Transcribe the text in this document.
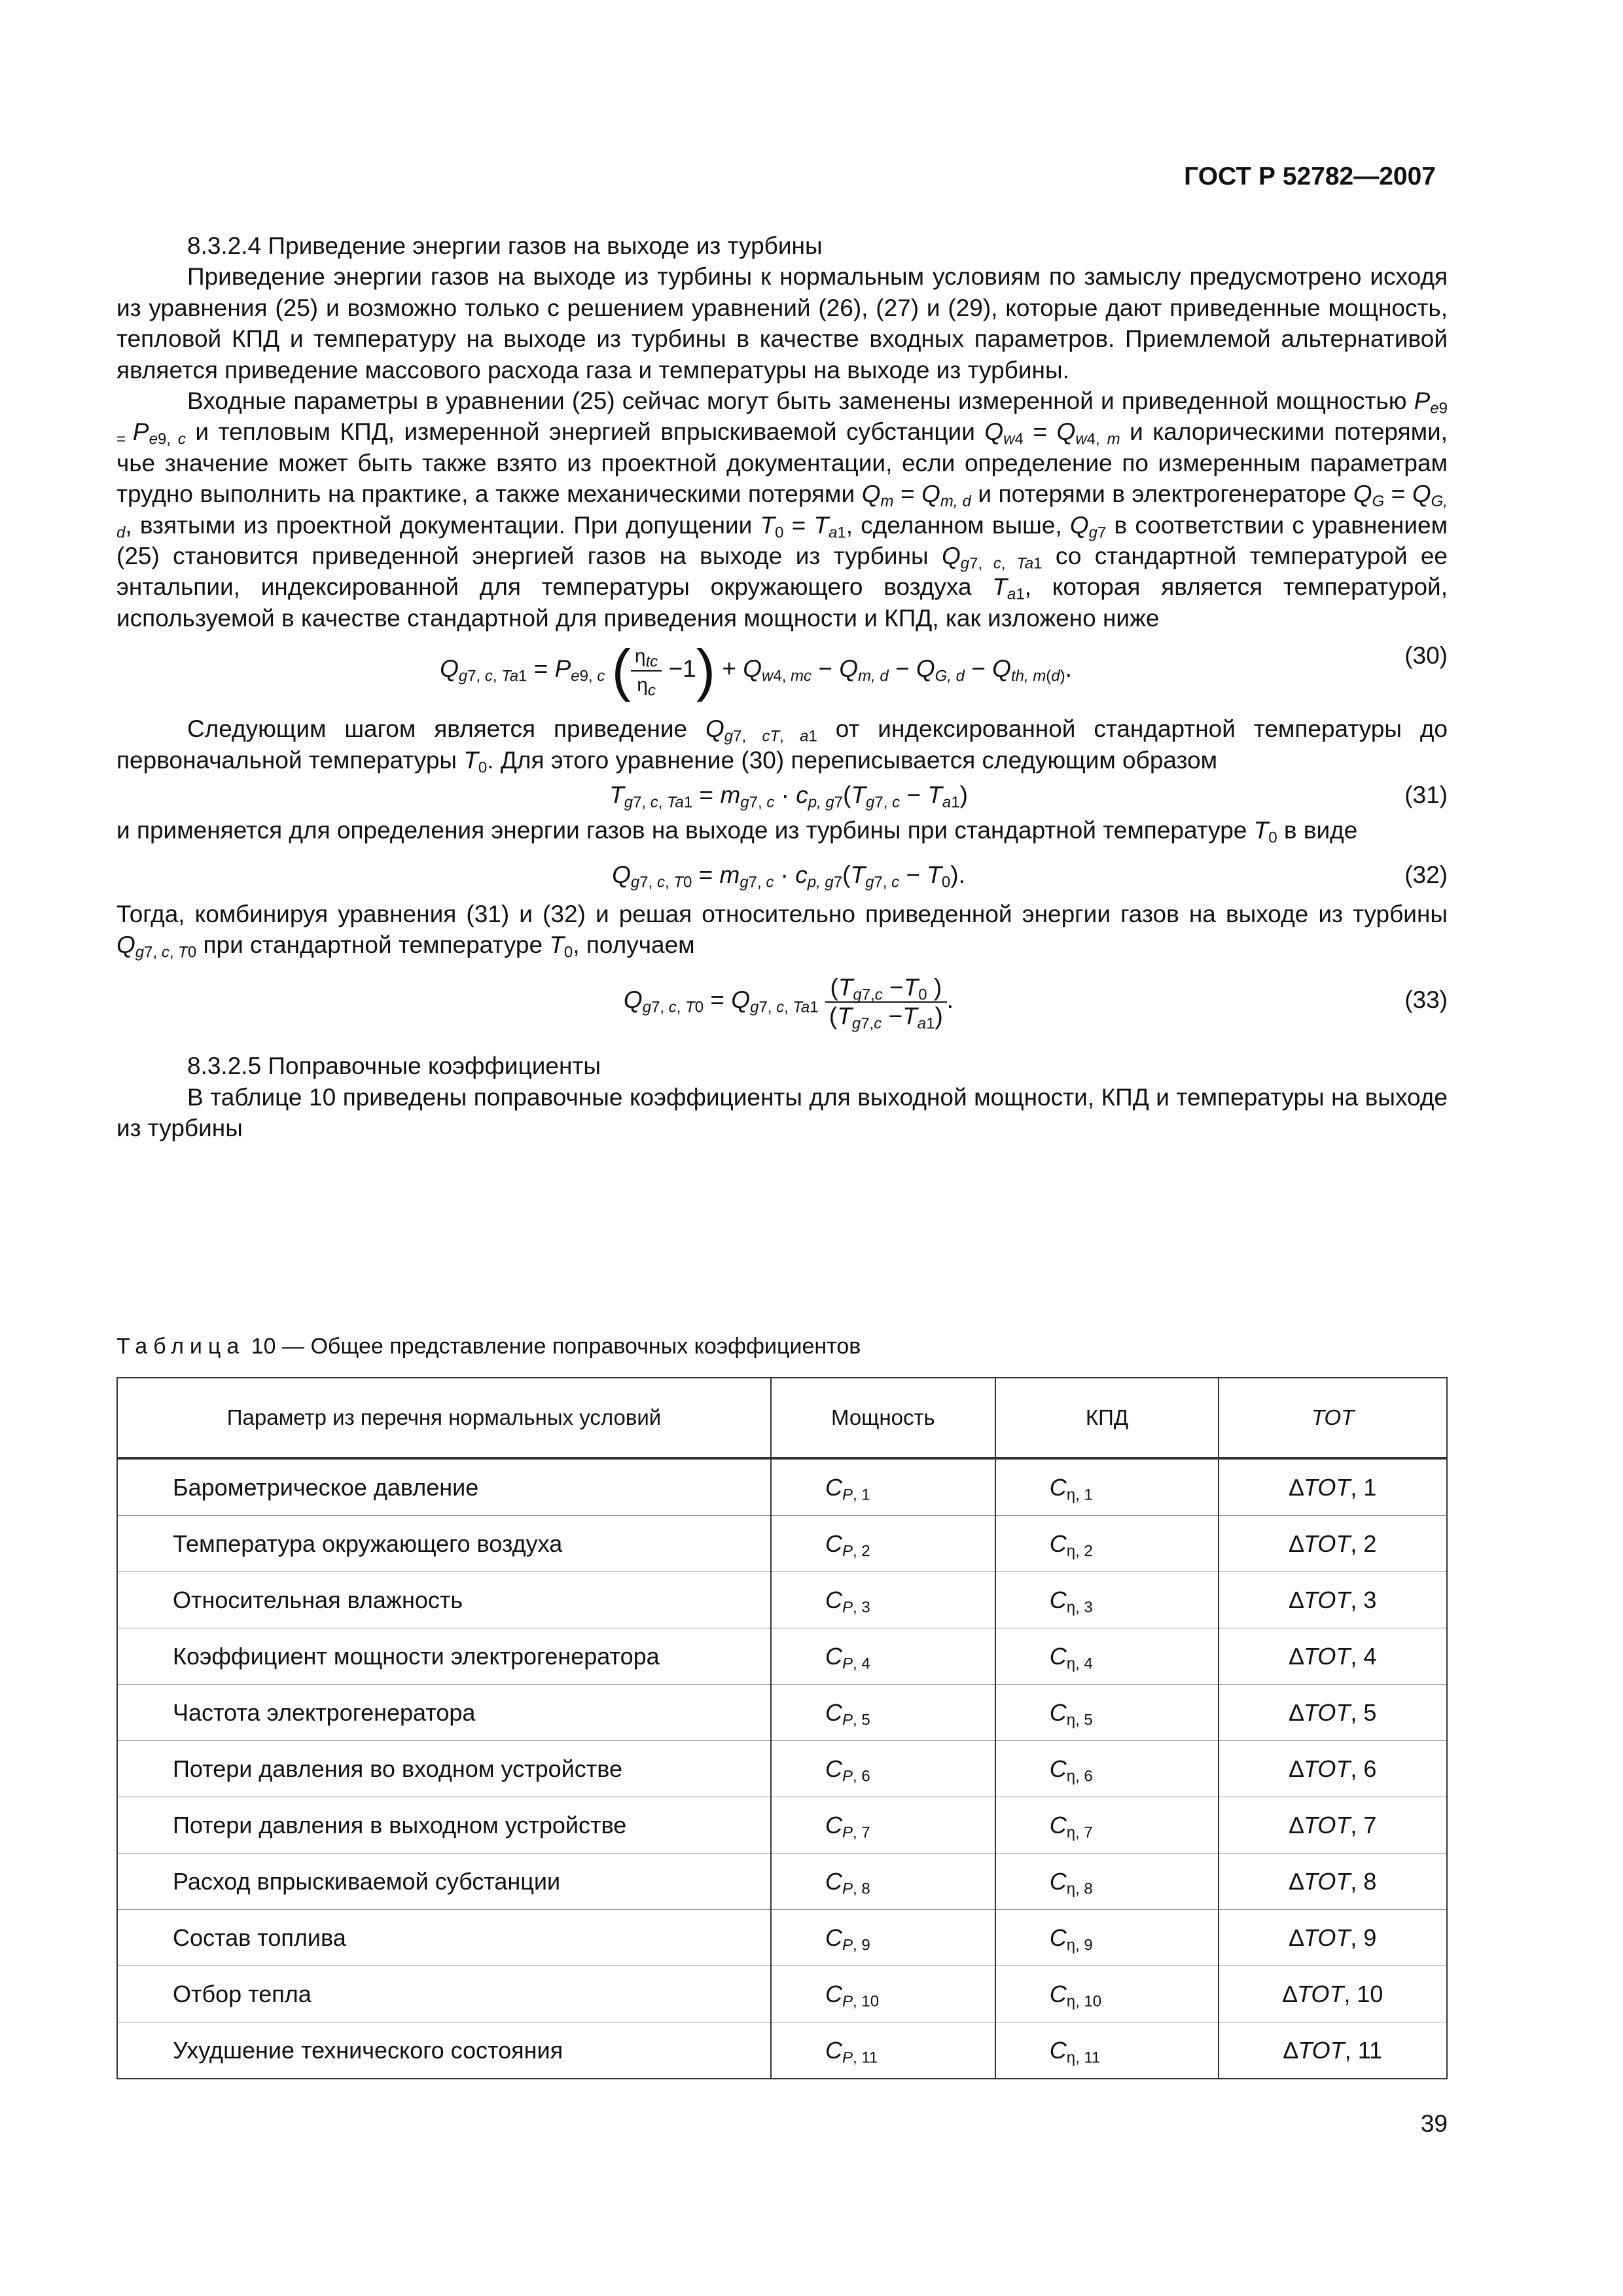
ГОСТ Р 52782—2007

8.3.2.4 Приведение энергии газов на выходе из турбины

Приведение энергии газов на выходе из турбины к нормальным условиям по замыслу предусмотрено исходя из уравнения (25) и возможно только с решением уравнений (26), (27) и (29), которые дают приведенные мощность, тепловой КПД и температуру на выходе из турбины в качестве входных параметров. Приемлемой альтернативой является приведение массового расхода газа и температуры на выходе из турбины.

Входные параметры в уравнении (25) сейчас могут быть заменены измеренной и приведенной мощностью $P_{e9 =}$ $P_{e9, c}$ и тепловым КПД, измеренной энергией впрыскиваемой субстанции $Q_{w4} = Q_{w4, m}$ и калорическими потерями, чье значение может быть также взято из проектной документации, если определение по измеренным параметрам трудно выполнить на практике, а также механическими потерями $Q_m = Q_{m, d}$ и потерями в электрогенераторе $Q_G = Q_{G, d}$, взятыми из проектной документации. При допущении $T_0 = T_{a1}$, сделанном выше, $Q_{g7}$ в соответствии с уравнением (25) становится приведенной энергией газов на выходе из турбины $Q_{g7, c, Ta1}$ со стандартной температурой ее энтальпии, индексированной для температуры окружающего воздуха $T_{a1}$, которая является температурой, используемой в качестве стандартной для приведения мощности и КПД, как изложено ниже

$Q_{g7, c, Ta1} = P_{e9, c}$ ( $\frac{\eta_{tc}}{\eta_c} -1) + Q_{w4, mc} - Q_{m, d} - Q_{G, d} - Q_{th, m(d)}$.	(30)

Следующим шагом является приведение $Q_{g7, cT, a1}$ от индексированной стандартной температуры до первоначальной температуры $T_0$. Для этого уравнение (30) переписывается следующим образом

$T_{g7, c, Ta1} = m_{g7, c} \cdot c_{p, g7}(T_{g7, c} - T_{a1})$	(31)

и применяется для определения энергии газов на выходе из турбины при стандартной температуре $T_0$ в виде

$Q_{g7, c, T0} = m_{g7, c} \cdot c_{p, g7}(T_{g7, c} - T_0)$.	(32)

Тогда, комбинируя уравнения (31) и (32) и решая относительно приведенной энергии газов на выходе из турбины $Q_{g7, c, T0}$ при стандартной температуре $T_0$, получаем

$Q_{g7, c, T0} = Q_{g7, c, Ta1} \frac{(T_{g7,c} -T_0 )}{(T_{g7,c} -T_{a1})}$ .	(33)

8.3.2.5 Поправочные коэффициенты

В таблице 10 приведены поправочные коэффициенты для выходной мощности, КПД и температуры на выходе из турбины

Таблица 10 — Общее представление поправочных коэффициентов
Параметр из перечня нормальных условий	Мощность	КПД	ТОТ
Барометрическое давление	$C_{P, 1}$	$C_{\eta, 1}$	∆TOT, 1
Температура окружающего воздуха	$C_{P, 2}$	$C_{\eta, 2}$	∆TOT, 2
Относительная влажность	$C_{P, 3}$	$C_{\eta, 3}$	∆TOT, 3
Коэффициент мощности электрогенератора	$C_{P, 4}$	$C_{\eta, 4}$	∆TOT, 4
Частота электрогенератора	$C_{P, 5}$	$C_{\eta, 5}$	∆TOT, 5
Потери давления во входном устройстве	$C_{P, 6}$	$C_{\eta, 6}$	∆TOT, 6
Потери давления в выходном устройстве	$C_{P, 7}$	$C_{\eta, 7}$	∆TOT, 7
Расход впрыскиваемой субстанции	$C_{P, 8}$	$C_{\eta, 8}$	∆TOT, 8
Состав топлива	$C_{P, 9}$	$C_{\eta, 9}$	∆TOT, 9
Отбор тепла	$C_{P, 10}$	$C_{\eta, 10}$	∆TOT, 10
Ухудшение технического состояния	$C_{P, 11}$	$C_{\eta, 11}$	∆TOT, 11
39
